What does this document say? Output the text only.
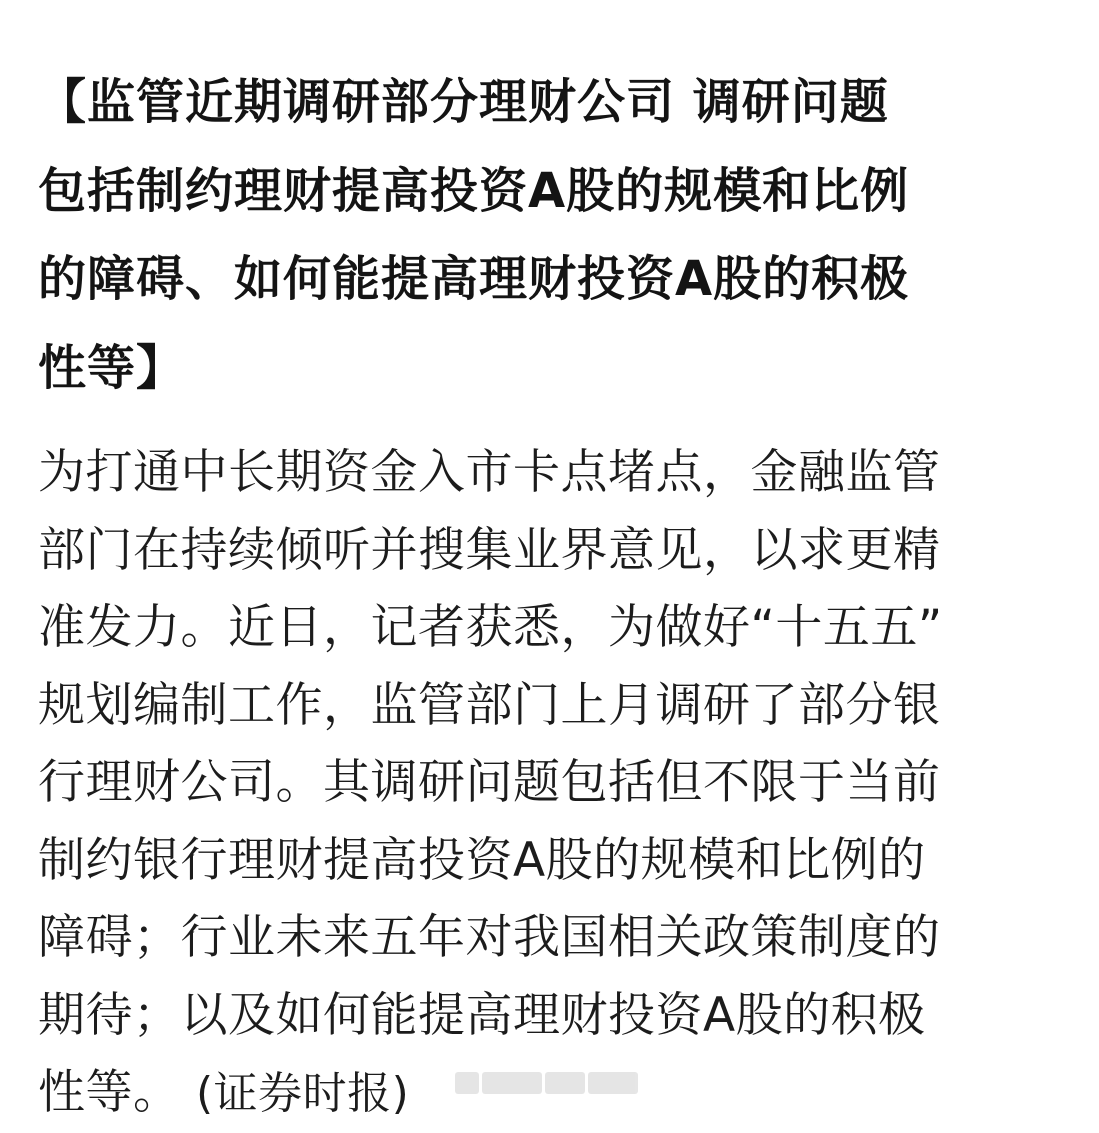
【监管近期调研部分理财公司 调研问题
包括制约理财提高投资A股的规模和比例
的障碍、如何能提高理财投资A股的积极
性等】

为打通中长期资金入市卡点堵点，金融监管
部门在持续倾听并搜集业界意见，以求更精
准发力。近日，记者获悉，为做好“十五五”
规划编制工作，监管部门上月调研了部分银
行理财公司。其调研问题包括但不限于当前
制约银行理财提高投资A股的规模和比例的
障碍；行业未来五年对我国相关政策制度的
期待；以及如何能提高理财投资A股的积极
性等。 (证券时报)
